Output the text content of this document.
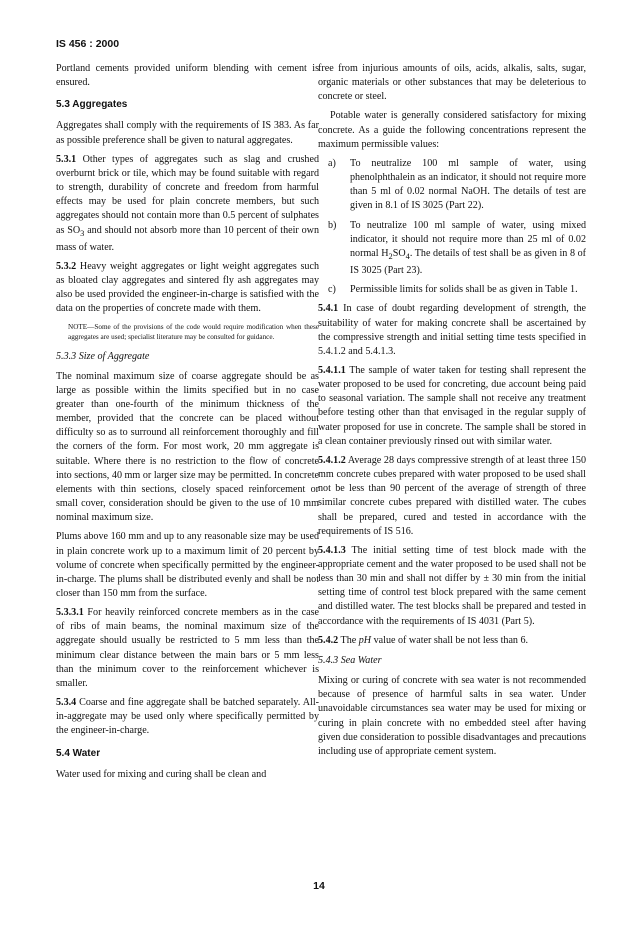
IS 456 : 2000

Portland cements provided uniform blending with cement is ensured.

5.3 Aggregates

Aggregates shall comply with the requirements of IS 383. As far as possible preference shall be given to natural aggregates.

5.3.1 Other types of aggregates such as slag and crushed overburnt brick or tile, which may be found suitable with regard to strength, durability of concrete and freedom from harmful effects may be used for plain concrete members, but such aggregates should not contain more than 0.5 percent of sulphates as $SO_3$ and should not absorb more than 10 percent of their own mass of water.

5.3.2 Heavy weight aggregates or light weight aggregates such as bloated clay aggregates and sintered fly ash aggregates may also be used provided the engineer-in-charge is satisfied with the data on the properties of concrete made with them.

NOTE—Some of the provisions of the code would require modification when these aggregates are used; specialist literature may be consulted for guidance.
5.3.3 Size of Aggregate

The nominal maximum size of coarse aggregate should be as large as possible within the limits specified but in no case greater than one-fourth of the minimum thickness of the member, provided that the concrete can be placed without difficulty so as to surround all reinforcement thoroughly and fill the corners of the form. For most work, 20 mm aggregate is suitable. Where there is no restriction to the flow of concrete into sections, 40 mm or larger size may be permitted. In concrete elements with thin sections, closely spaced reinforcement or small cover, consideration should be given to the use of 10 mm nominal maximum size.

Plums above 160 mm and up to any reasonable size may be used in plain concrete work up to a maximum limit of 20 percent by volume of concrete when specifically permitted by the engineer-in-charge. The plums shall be distributed evenly and shall be not closer than 150 mm from the surface.

5.3.3.1 For heavily reinforced concrete members as in the case of ribs of main beams, the nominal maximum size of the aggregate should usually be restricted to 5 mm less than the minimum clear distance between the main bars or 5 mm less than the minimum cover to the reinforcement whichever is smaller.

5.3.4 Coarse and fine aggregate shall be batched separately. All-in-aggregate may be used only where specifically permitted by the engineer-in-charge.

5.4 Water

Water used for mixing and curing shall be clean and

free from injurious amounts of oils, acids, alkalis, salts, sugar, organic materials or other substances that may be deleterious to concrete or steel.

Potable water is generally considered satisfactory for mixing concrete. As a guide the following concentrations represent the maximum permissible values:

a)	To neutralize 100 ml sample of water, using phenolphthalein as an indicator, it should not require more than 5 ml of 0.02 normal NaOH. The details of test are given in 8.1 of IS 3025 (Part 22).
b)	To neutralize 100 ml sample of water, using mixed indicator, it should not require more than 25 ml of 0.02 normal $H_2SO_4$. The details of test shall be as given in 8 of IS 3025 (Part 23).
c)	Permissible limits for solids shall be as given in Table 1.

5.4.1 In case of doubt regarding development of strength, the suitability of water for making concrete shall be ascertained by the compressive strength and initial setting time tests specified in 5.4.1.2 and 5.4.1.3.

5.4.1.1 The sample of water taken for testing shall represent the water proposed to be used for concreting, due account being paid to seasonal variation. The sample shall not receive any treatment before testing other than that envisaged in the regular supply of water proposed for use in concrete. The sample shall be stored in a clean container previously rinsed out with similar water.

5.4.1.2 Average 28 days compressive strength of at least three 150 mm concrete cubes prepared with water proposed to be used shall not be less than 90 percent of the average of strength of three similar concrete cubes prepared with distilled water. The cubes shall be prepared, cured and tested in accordance with the requirements of IS 516.

5.4.1.3 The initial setting time of test block made with the appropriate cement and the water proposed to be used shall not be less than 30 min and shall not differ by ± 30 min from the initial setting time of control test block prepared with the same cement and distilled water. The test blocks shall be prepared and tested in accordance with the requirements of IS 4031 (Part 5).

5.4.2 The pH value of water shall be not less than 6.

5.4.3 Sea Water

Mixing or curing of concrete with sea water is not recommended because of presence of harmful salts in sea water. Under unavoidable circumstances sea water may be used for mixing or curing in plain concrete with no embedded steel after having given due consideration to possible disadvantages and precautions including use of appropriate cement system.

14
